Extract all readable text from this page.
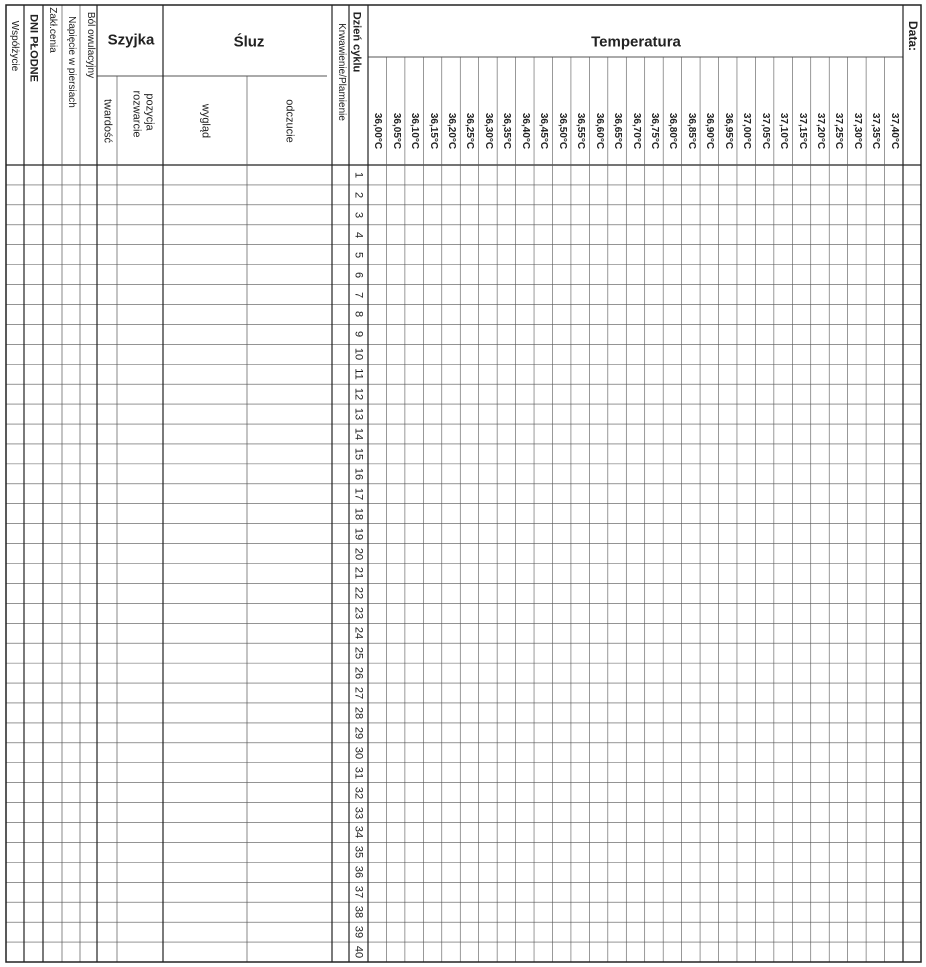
Data:
Temperatura
Dzień cyklu
Krwawienie/Plamienie
Śluz
odczucie
wygląd
Szyjka
pozycja
rozwarcie
twardość
Ból owulacyjny
Napięcie w piersiach
Zakł.cenia
DNI PŁODNE
Współżycie
36,00°C 36,05°C 36,10°C 36,15°C 36,20°C 36,25°C 36,30°C 36,35°C 36,40°C 36,45°C 36,50°C 36,55°C 36,60°C 36,65°C 36,70°C 36,75°C 36,80°C 36,85°C 36,90°C 36,95°C 37,00°C 37,05°C 37,10°C 37,15°C 37,20°C 37,25°C 37,30°C 37,35°C 37,40°C
1
2
3
4
5
6
7
8
9
10
11
12
13
14
15
16
17
18
19
20
21
22
23
24
25
26
27
28
29
30
31
32
33
34
35
36
37
38
39
40
